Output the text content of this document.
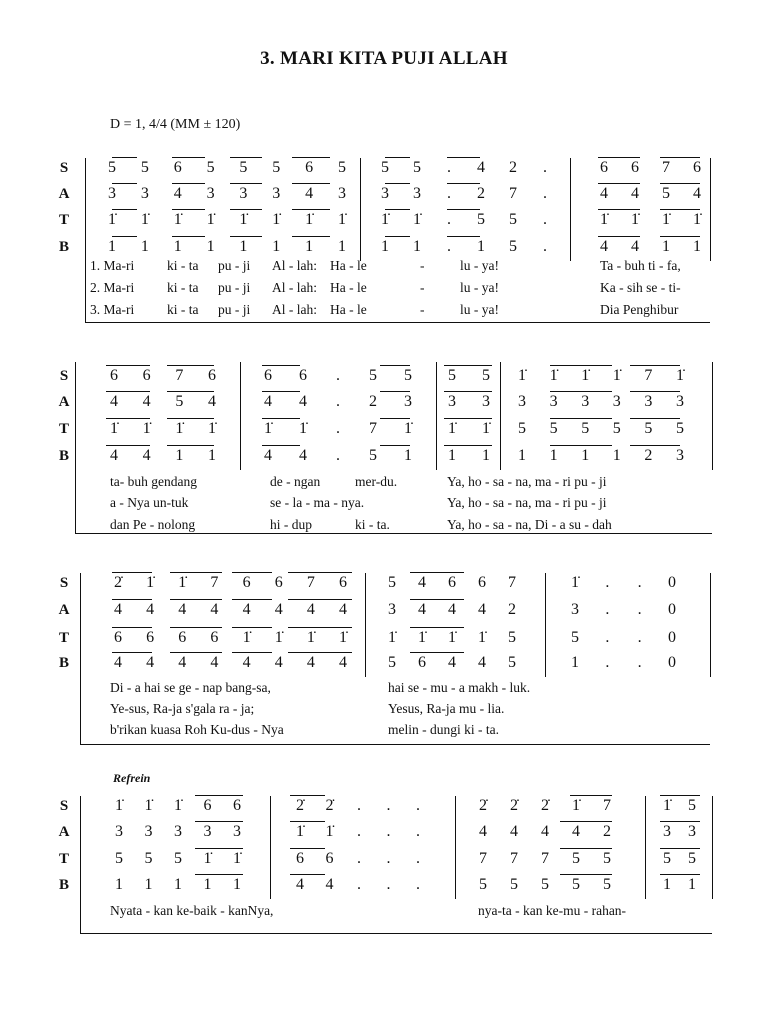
3. MARI KITA PUJI ALLAH
D = 1, 4/4 (MM ± 120)
Refrein
S
A
T
B
5 5 6 5 5 5 6 5 5 5	.	4 2	.	6 6 7 6
3 3 4 3 3 3 4 3 3 3	.	2 7	.	4 4 5 4
1̇ 1̇ 1̇ 1̇ 1̇ 1̇ 1̇ 1̇ 1̇ 1̇	.	5 5	.	1̇ 1̇ 1̇ 1̇
1 1 1 1 1 1 1 1 1 1	.	1 5	.	4 4 1 1
1. Ma-ri ki - ta pu - ji Al - lah: Ha - le	-	lu - ya!	Ta - buh ti - fa,
2. Ma-ri ki - ta pu - ji Al - lah: Ha - le	-	lu - ya!	Ka - sih se - ti-
3. Ma-ri ki - ta pu - ji Al - lah: Ha - le	-	lu - ya!	Dia Penghibur
S
A
T
B
6 6 7 6	6 6	.	5 5 5 5 1̇ 1̇ 1̇ 1̇ 7 1̇
4 4 5 4	4 4	.	2 3 3 3 3 3 3 3 3 3
1̇ 1̇ 1̇ 1̇	1̇ 1̇	.	7 1̇ 1̇ 1̇ 5 5 5 5 5 5
4 4 1 1	4 4	.	5 1 1 1 1 1 1 1 2 3
ta- buh gendang	de - ngan	mer-du.	Ya, ho - sa - na, ma - ri pu - ji
a - Nya un-tuk	se - la - ma - nya.	Ya, ho - sa - na, ma - ri pu - ji
dan Pe - nolong	hi - dup	ki - ta.	Ya, ho - sa - na, Di - a su - dah
S
A
T
B
2̇ 1̇ 1̇ 7 6 6 7 6	5 4 6 6 7	1̇	.	.	0
4 4 4 4 4 4 4 4	3 4 4 4 2	3	.	.	0
6 6 6 6 1̇ 1̇ 1̇ 1̇	1̇ 1̇ 1̇ 1̇ 5	5	.	.	0
4 4 4 4 4 4 4 4	5 6 4 4 5	1	.	.	0
Di - a hai se ge - nap bang-sa,	hai se - mu - a makh - luk.
Ye-sus, Ra-ja s'gala ra - ja;	Yesus, Ra-ja mu - lia.
b'rikan kuasa Roh Ku-dus - Nya	melin - dungi ki - ta.
S
A
T
B
1̇ 1̇ 1̇ 6 6	2̇ 2̇	.	.	.	2̇ 2̇ 2̇ 1̇ 7	1̇ 5
3 3 3 3 3	1̇ 1̇	.	.	.	4 4 4 4 2	3 3
5 5 5 1̇ 1̇	6 6	.	.	.	7 7 7 5 5	5 5
1 1 1 1 1	4 4	.	.	.	5 5 5 5 5	1 1
Nyata - kan ke-baik - kanNya,	nya-ta - kan ke-mu - rahan-
